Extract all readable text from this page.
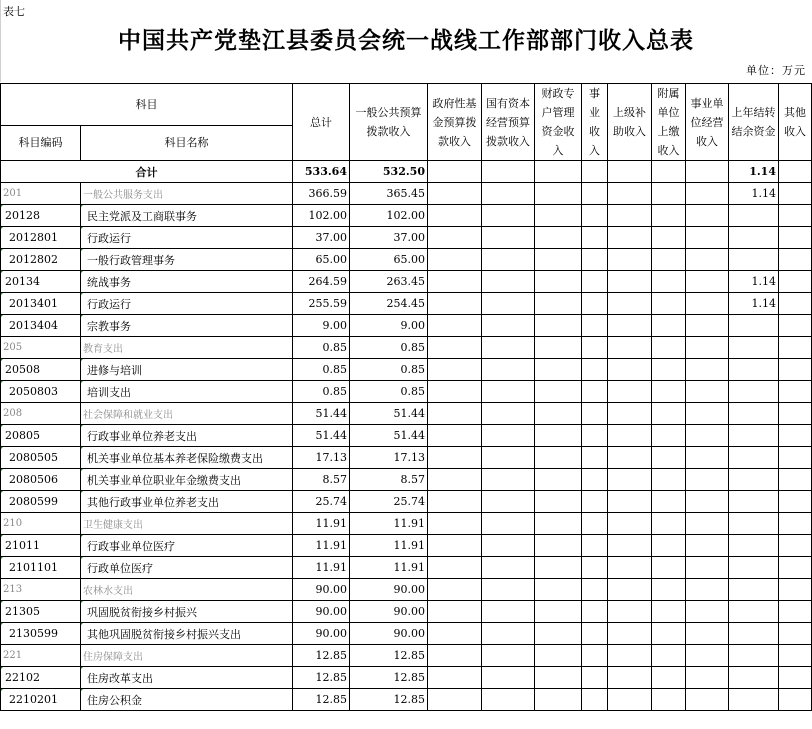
表七
中国共产党垫江县委员会统一战线工作部部门收入总表
单位：万元
科目		总计	一般公共预算拨款收入	政府性基金预算拨款收入	国有资本经营预算拨款收入	财政专户管理资金收入	事业收入	上级补助收入	附属单位上缴收入	事业单位经营收入	上年结转结余资金	其他收入
科目编码	科目名称											
合计		533.64	532.50								1.14	
201	一般公共服务支出	366.59	365.45								1.14	
20128	民主党派及工商联事务	102.00	102.00									
2012801	行政运行	37.00	37.00									
2012802	一般行政管理事务	65.00	65.00									
20134	统战事务	264.59	263.45								1.14	
2013401	行政运行	255.59	254.45								1.14	
2013404	宗教事务	9.00	9.00									
205	教育支出	0.85	0.85									
20508	进修与培训	0.85	0.85									
2050803	培训支出	0.85	0.85									
208	社会保障和就业支出	51.44	51.44									
20805	行政事业单位养老支出	51.44	51.44									
2080505	机关事业单位基本养老保险缴费支出	17.13	17.13									
2080506	机关事业单位职业年金缴费支出	8.57	8.57									
2080599	其他行政事业单位养老支出	25.74	25.74									
210	卫生健康支出	11.91	11.91									
21011	行政事业单位医疗	11.91	11.91									
2101101	行政单位医疗	11.91	11.91									
213	农林水支出	90.00	90.00									
21305	巩固脱贫衔接乡村振兴	90.00	90.00									
2130599	其他巩固脱贫衔接乡村振兴支出	90.00	90.00									
221	住房保障支出	12.85	12.85									
22102	住房改革支出	12.85	12.85									
2210201	住房公积金	12.85	12.85									
